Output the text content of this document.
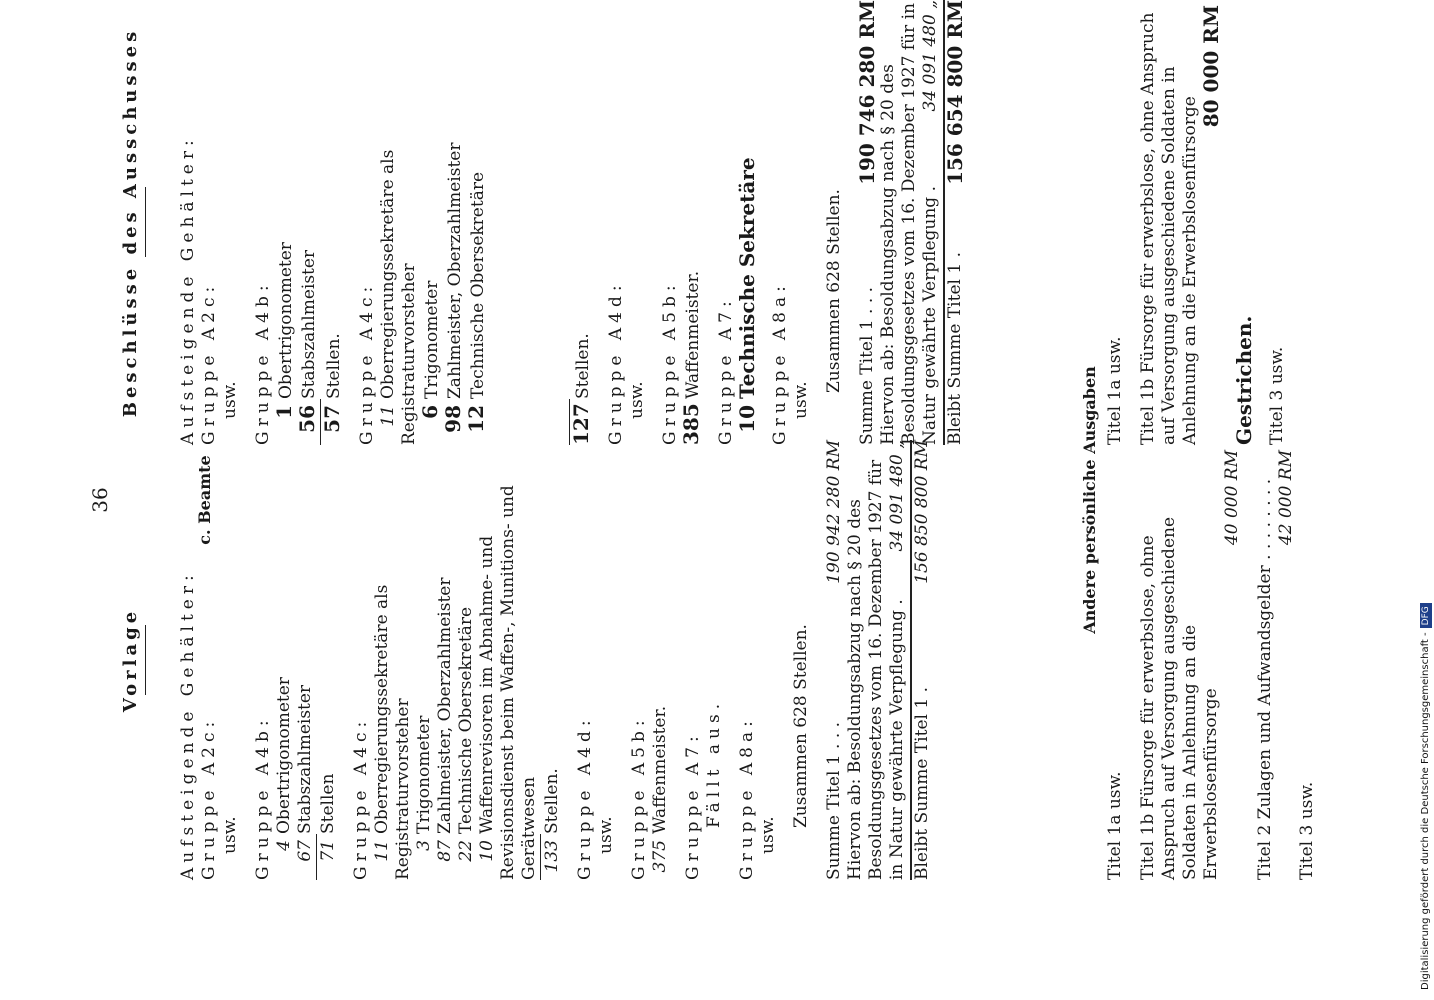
36
Vorlage Aufsteigende Gehälter: Gruppe A2c: usw. Gruppe A4b: 4Obertrigonometer
67Stabszahlmeister
71Stellen Gruppe A4c: 11Oberregierungssekretäre als Registraturvorsteher 3Trigonometer
87Zahlmeister, Oberzahlmeister
22Technische Obersekretäre
10Waffenrevisoren im Abnahme- und Revisionsdienst beim Waffen-, Munitions- und Gerätwesen 133Stellen. Gruppe A4d: usw. Gruppe A5b: 375Waffenmeister. Gruppe A7: Fällt aus. Gruppe A8a: usw.
Zusammen 628 Stellen. Summe Titel 1 . . .
190 942 280 RM Hiervon ab: Besoldungsabzug nach § 20 des Besoldungsgesetzes vom 16. Dezember 1927 für in Natur gewährte Verpflegung .
34 091 480 „
Bleibt Summe Titel 1 .
156 850 800 RM
c. Beamte
Beschlüsse des Ausschusses Aufsteigende Gehälter: Gruppe A2c: usw. Gruppe A4b: 1Obertrigonometer
56Stabszahlmeister
57Stellen. Gruppe A4c: 11Oberregierungssekretäre als Registraturvorsteher 6Trigonometer
98Zahlmeister, Oberzahlmeister
12Technische Obersekretäre
127Stellen. Gruppe A4d: usw. Gruppe A5b: 385Waffenmeister. Gruppe A7: 10Technische Sekretäre Gruppe A8a: usw.
Zusammen 628 Stellen. Summe Titel 1 . . .
190 746 280 RM Hiervon ab: Besoldungsabzug nach § 20 des Besoldungsgesetzes vom 16. Dezember 1927 für in Natur gewährte Verpflegung .
34 091 480 „
Bleibt Summe Titel 1 .
156 654 800 RM
Andere persönliche Ausgaben
Titel 1a usw. Titel 1b Fürsorge für erwerbslose, ohne Anspruch auf Versorgung ausgeschiedene Soldaten in Anlehnung an die Erwerbslosenfürsorge
40 000 RM Titel 2 Zulagen und Aufwandsgelder . . . . . . . . 42 000 RM
Titel 3 usw.
Titel 1a usw. Titel 1b Fürsorge für erwerbslose, ohne Anspruch auf Versorgung ausgeschiedene Soldaten in Anlehnung an die Erwerbslosenfürsorge
80 000 RM
Gestrichen. Titel 3 usw.
Digitalisierung gefördert durch die Deutsche Forschungsgemeinschaft -DFG
